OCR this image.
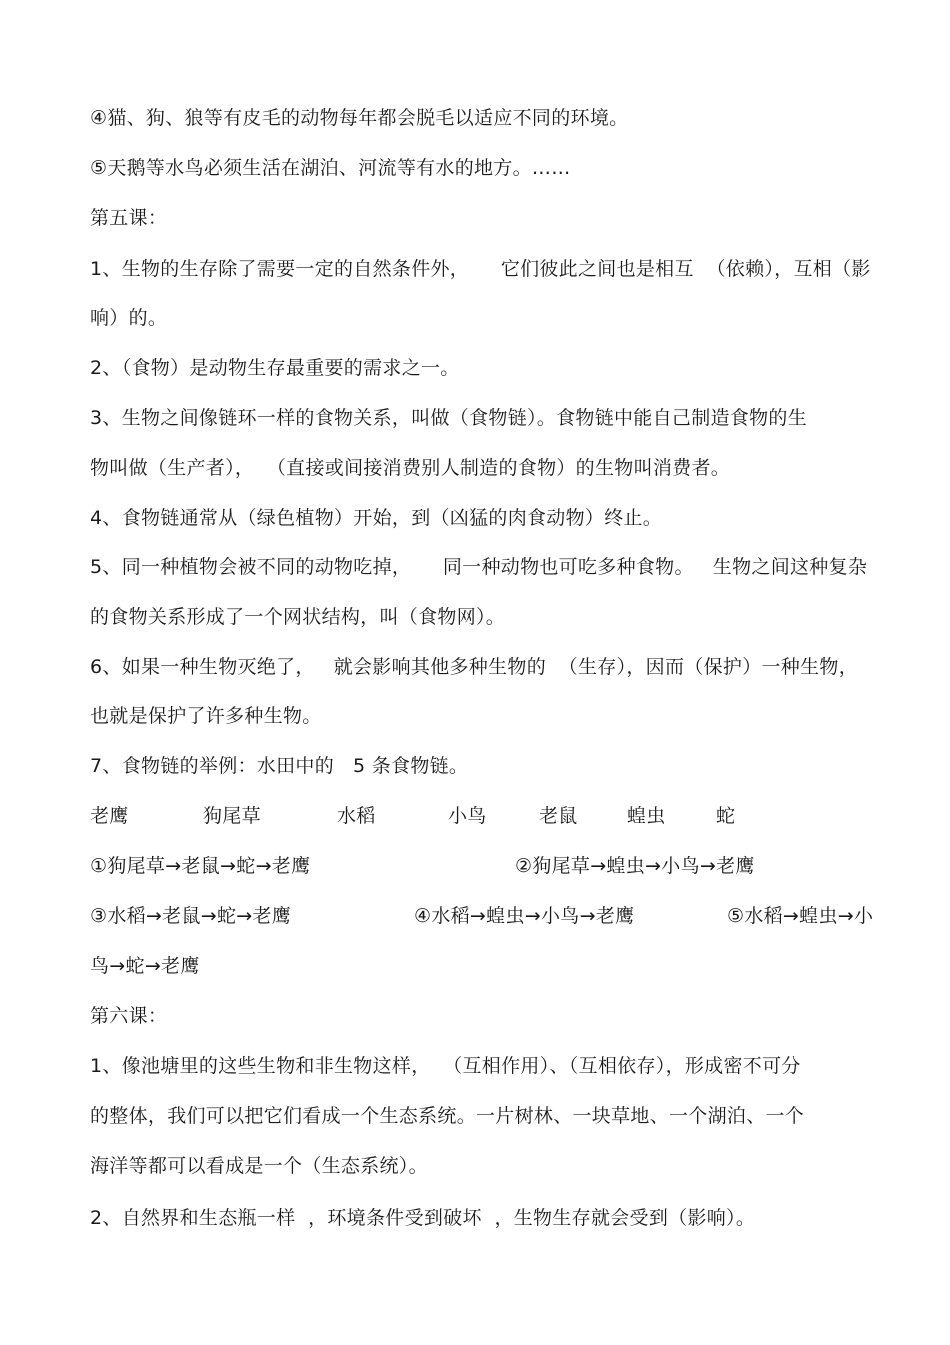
④猫、狗、狼等有皮毛的动物每年都会脱毛以适应不同的环境。
⑤天鹅等水鸟必须生活在湖泊、河流等有水的地方。……
第五课：
1、生物的生存除了需要一定的自然条件外，     它们彼此之间也是相互  （依赖），互相（影
响）的。
2、（食物）是动物生存最重要的需求之一。
3、生物之间像链环一样的食物关系，叫做（食物链）。食物链中能自己制造食物的生
物叫做（生产者），  （直接或间接消费别人制造的食物）的生物叫消费者。
4、食物链通常从（绿色植物）开始，到（凶猛的肉食动物）终止。
5、同一种植物会被不同的动物吃掉，     同一种动物也可吃多种食物。   生物之间这种复杂
的食物关系形成了一个网状结构，叫（食物网）。
6、如果一种生物灭绝了，   就会影响其他多种生物的  （生存），因而（保护）一种生物，
也就是保护了许多种生物。
7、食物链的举例：水田中的   5 条食物链。
老鹰	狗尾草	水稻	小鸟	老鼠	蝗虫	蛇
①狗尾草→老鼠→蛇→老鹰	②狗尾草→蝗虫→小鸟→老鹰
③水稻→老鼠→蛇→老鹰	④水稻→蝗虫→小鸟→老鹰	⑤水稻→蝗虫→小
鸟→蛇→老鹰
第六课：
1、像池塘里的这些生物和非生物这样，  （互相作用）、（互相依存），形成密不可分
的整体，我们可以把它们看成一个生态系统。一片树林、一块草地、一个湖泊、一个
海洋等都可以看成是一个（生态系统）。
2、自然界和生态瓶一样  ，环境条件受到破坏  ，生物生存就会受到（影响）。
